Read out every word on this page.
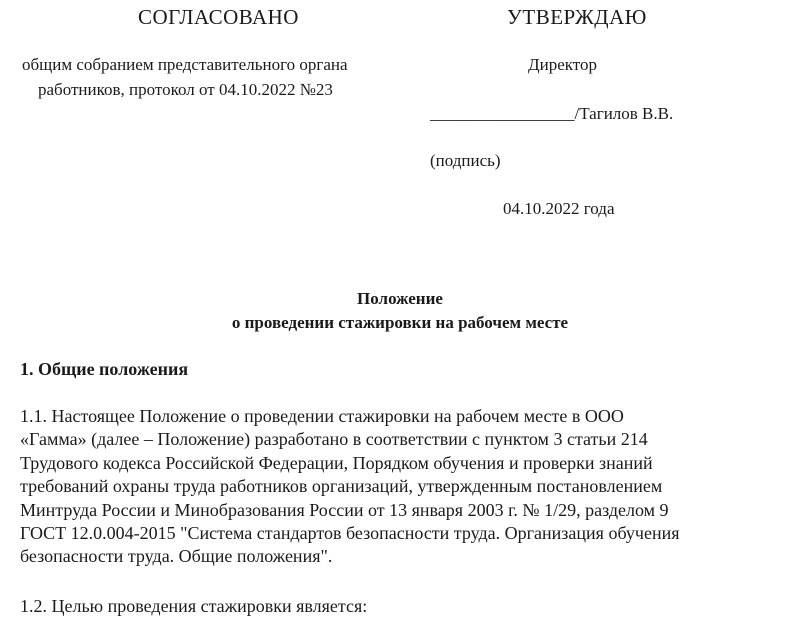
СОГЛАСОВАНО
общим собранием представительного органа
работников, протокол от 04.10.2022 №23
УТВЕРЖДАЮ
Директор
_________________/Тагилов В.В.
(подпись)
04.10.2022 года
Положение
о проведении стажировки на рабочем месте
1. Общие положения
1.1. Настоящее Положение о проведении стажировки на рабочем месте в ООО
«Гамма» (далее – Положение) разработано в соответствии с пунктом 3 статьи 214
Трудового кодекса Российской Федерации, Порядком обучения и проверки знаний
требований охраны труда работников организаций, утвержденным постановлением
Минтруда России и Минобразования России от 13 января 2003 г. № 1/29, разделом 9
ГОСТ 12.0.004-2015 "Система стандартов безопасности труда. Организация обучения
безопасности труда. Общие положения".
1.2. Целью проведения стажировки является:
